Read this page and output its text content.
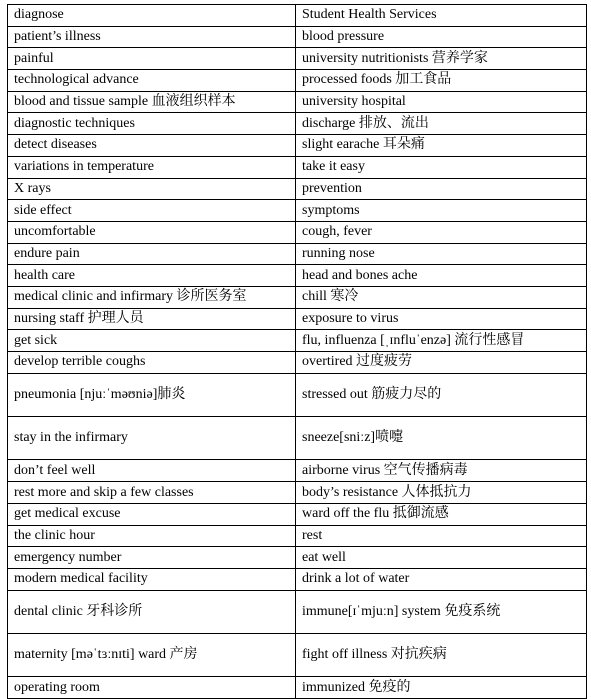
diagnose	Student Health Services
patient’s illness	blood pressure
painful	university nutritionists 营养学家
technological advance	processed foods 加工食品
blood and tissue sample 血液组织样本	university hospital
diagnostic techniques	discharge 排放、流出
detect diseases	slight earache 耳朵痛
variations in temperature	take it easy
X rays	prevention
side effect	symptoms
uncomfortable	cough, fever
endure pain	running nose
health care	head and bones ache
medical clinic and infirmary 诊所医务室	chill 寒冷
nursing staff 护理人员	exposure to virus
get sick	flu, influenza [ˌɪnfluˈenzə] 流行性感冒
develop terrible coughs	overtired 过度疲劳
pneumonia [njuːˈməʊniə]肺炎	stressed out 筋疲力尽的
stay in the infirmary	sneeze[sniːz]喷嚏
don’t feel well	airborne virus 空气传播病毒
rest more and skip a few classes	body’s resistance 人体抵抗力
get medical excuse	ward off the flu 抵御流感
the clinic hour	rest
emergency number	eat well
modern medical facility	drink a lot of water
dental clinic 牙科诊所	immune[ɪˈmjuːn] system 免疫系统
maternity [məˈtɜːnɪti] ward 产房	fight off illness 对抗疾病
operating room	immunized 免疫的
